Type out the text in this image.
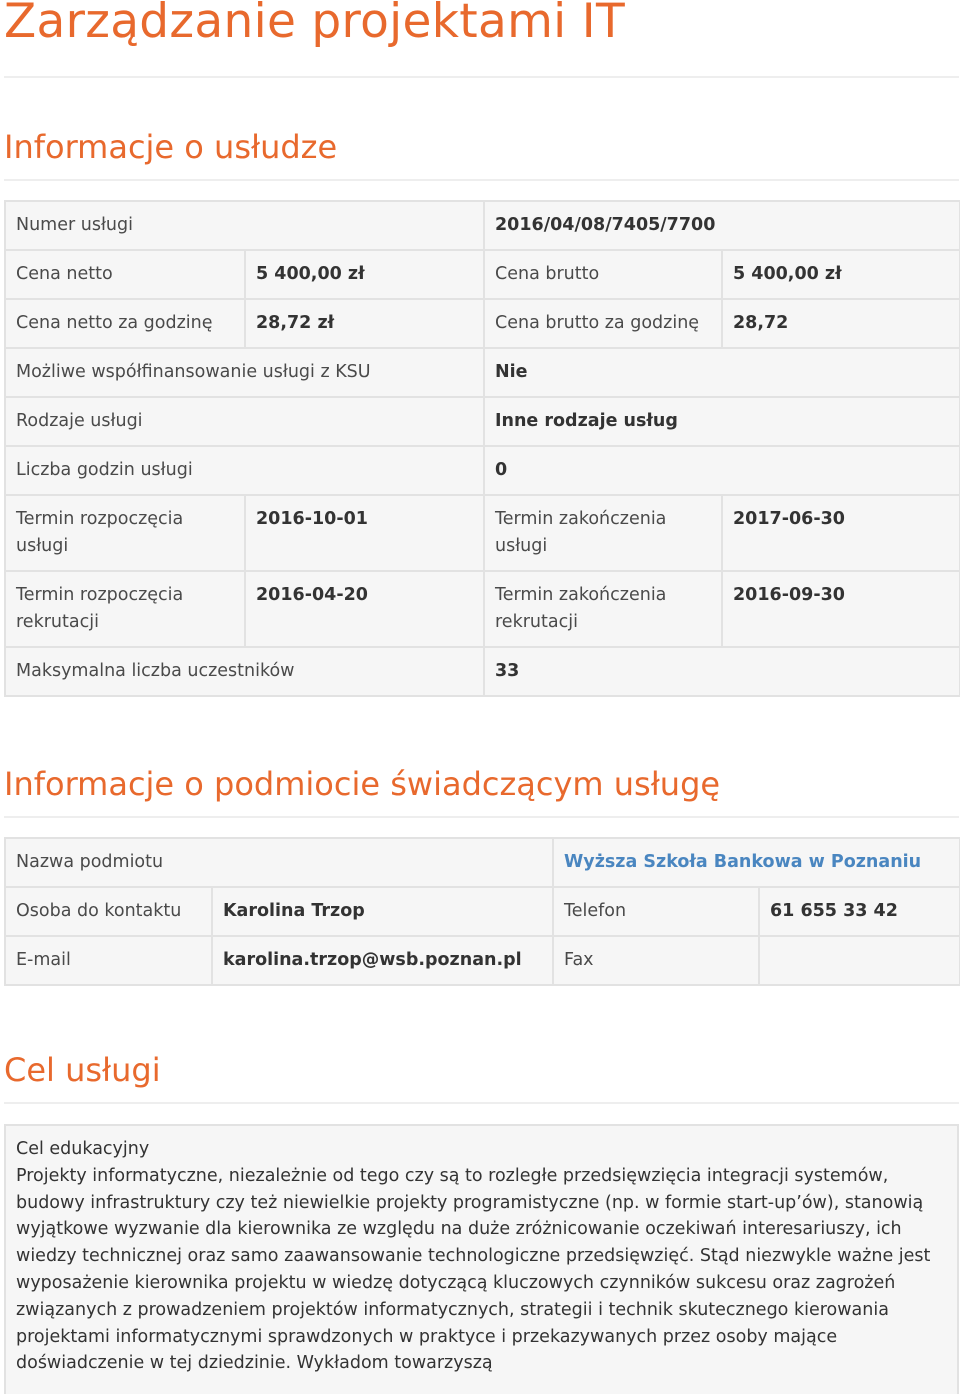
Zarządzanie projektami IT
Informacje o usłudze
Numer usługi		2016/04/08/7405/7700	
Cena netto	5 400,00 zł	Cena brutto	5 400,00 zł
Cena netto za godzinę	28,72 zł	Cena brutto za godzinę	28,72
Możliwe współfinansowanie usługi z KSU		Nie	
Rodzaje usługi		Inne rodzaje usług	
Liczba godzin usługi		0	
Termin rozpoczęcia usługi	2016-10-01	Termin zakończenia usługi	2017-06-30
Termin rozpoczęcia rekrutacji	2016-04-20	Termin zakończenia rekrutacji	2016-09-30
Maksymalna liczba uczestników		33	
Informacje o podmiocie świadczącym usługę
Nazwa podmiotu		Wyższa Szkoła Bankowa w Poznaniu	
Osoba do kontaktu	Karolina Trzop	Telefon	61 655 33 42
E-mail	karolina.trzop@wsb.poznan.pl	Fax	
Cel usługi

Cel edukacyjny

Projekty informatyczne, niezależnie od tego czy są to rozległe przedsięwzięcia integracji systemów, budowy infrastruktury czy też niewielkie projekty programistyczne (np. w formie start-up’ów), stanowią wyjątkowe wyzwanie dla kierownika ze względu na duże zróżnicowanie oczekiwań interesariuszy, ich wiedzy technicznej oraz samo zaawansowanie technologiczne przedsięwzięć. Stąd niezwykle ważne jest wyposażenie kierownika projektu w wiedzę dotyczącą kluczowych czynników sukcesu oraz zagrożeń związanych z prowadzeniem projektów informatycznych, strategii i technik skutecznego kierowania projektami informatycznymi sprawdzonych w praktyce i przekazywanych przez osoby mające doświadczenie w tej dziedzinie. Wykładom towarzyszą
